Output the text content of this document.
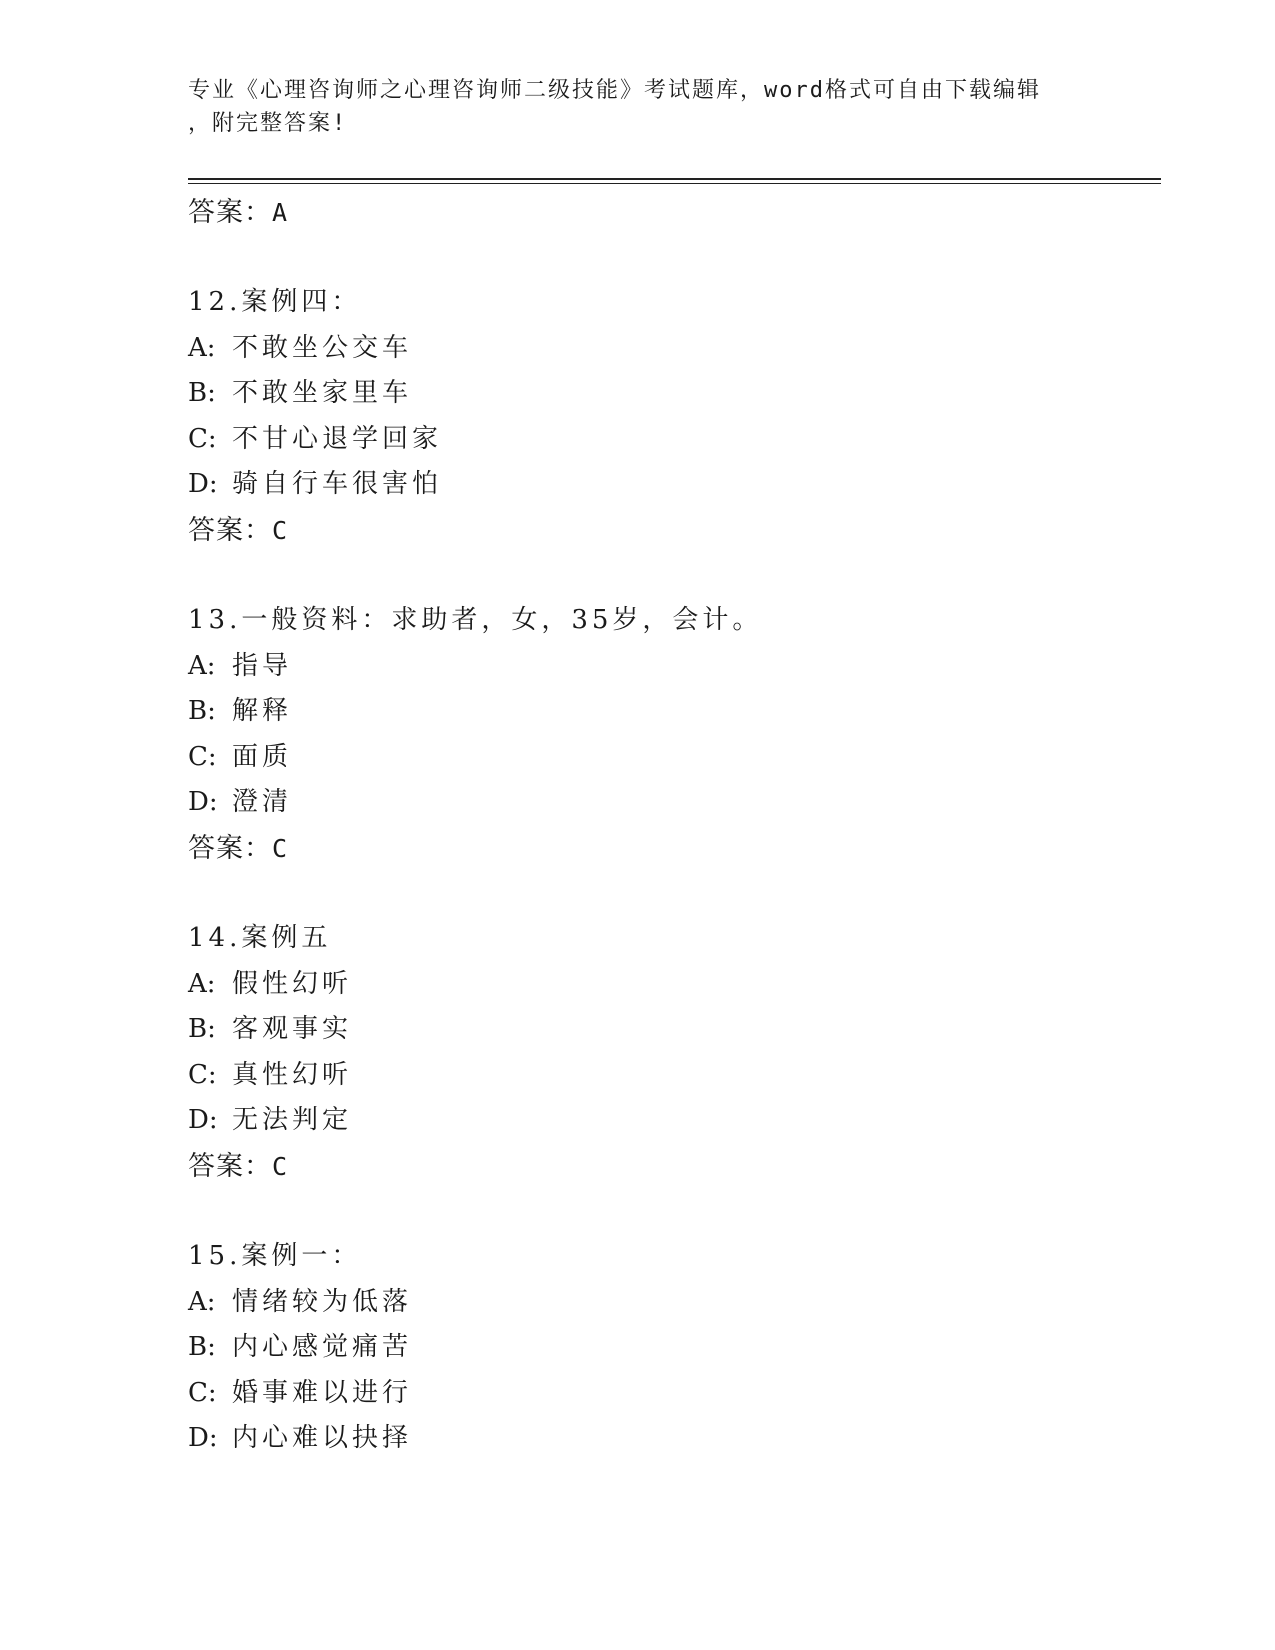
专业《心理咨询师之心理咨询师二级技能》考试题库，word格式可自由下载编辑
，附完整答案!
答案：A
12.案例四：
A: 不敢坐公交车
B: 不敢坐家里车
C: 不甘心退学回家
D: 骑自行车很害怕
答案：C
13.一般资料：求助者，女，35岁，会计。
A: 指导
B: 解释
C: 面质
D: 澄清
答案：C
14.案例五
A: 假性幻听
B: 客观事实
C: 真性幻听
D: 无法判定
答案：C
15.案例一：
A: 情绪较为低落
B: 内心感觉痛苦
C: 婚事难以进行
D: 内心难以抉择
